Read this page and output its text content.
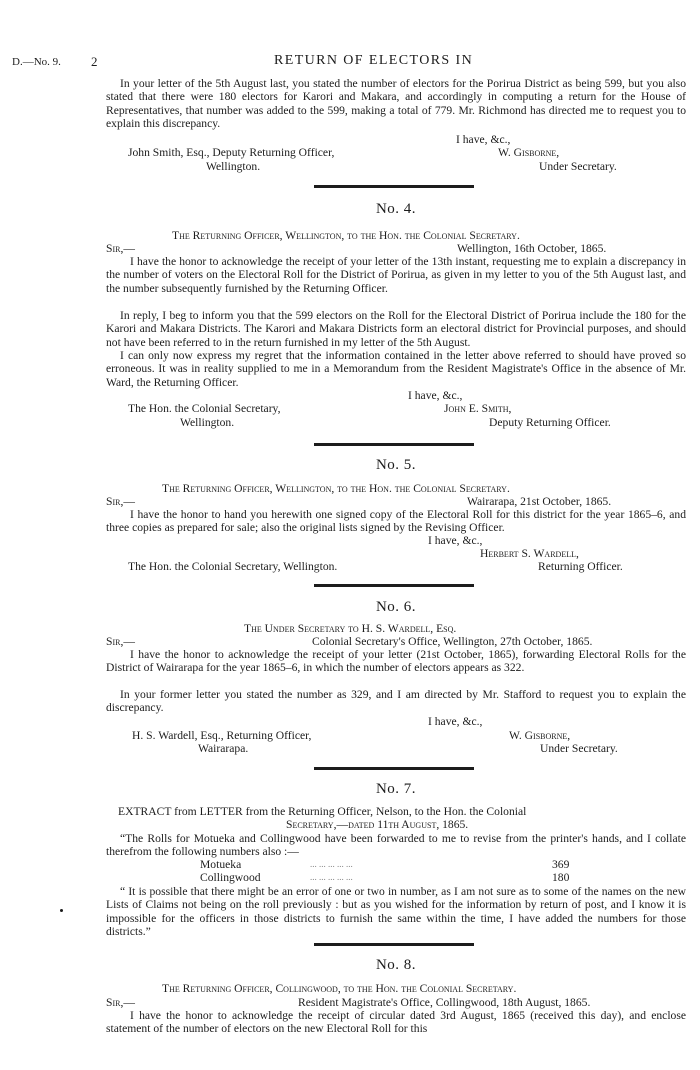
D.—No. 9. 2	RETURN OF ELECTORS IN
In your letter of the 5th August last, you stated the number of electors for the Porirua District as being 599, but you also stated that there were 180 electors for Karori and Makara, and accordingly in computing a return for the House of Representatives, that number was added to the 599, making a total of 779. Mr. Richmond has directed me to request you to explain this discrepancy.
I have, &c.,
John Smith, Esq., Deputy Returning Officer,
Wellington.
W. Gisborne,
Under Secretary.
No. 4.
The Returning Officer, Wellington, to the Hon. the Colonial Secretary.
Sir,—	Wellington, 16th October, 1865.
I have the honor to acknowledge the receipt of your letter of the 13th instant, requesting me to explain a discrepancy in the number of voters on the Electoral Roll for the District of Porirua, as given in my letter to you of the 5th August last, and the number subsequently furnished by the Returning Officer.
In reply, I beg to inform you that the 599 electors on the Roll for the Electoral District of Porirua include the 180 for the Karori and Makara Districts. The Karori and Makara Districts form an electoral district for Provincial purposes, and should not have been referred to in the return furnished in my letter of the 5th August.
I can only now express my regret that the information contained in the letter above referred to should have proved so erroneous. It was in reality supplied to me in a Memorandum from the Resident Magistrate's Office in the absence of Mr. Ward, the Returning Officer.
I have, &c.,
The Hon. the Colonial Secretary,
Wellington.
John E. Smith,
Deputy Returning Officer.
No. 5.
The Returning Officer, Wellington, to the Hon. the Colonial Secretary.
Sir,—	Wairarapa, 21st October, 1865.
I have the honor to hand you herewith one signed copy of the Electoral Roll for this district for the year 1865–6, and three copies as prepared for sale; also the original lists signed by the Revising Officer.
I have, &c.,
Herbert S. Wardell,
The Hon. the Colonial Secretary, Wellington.	Returning Officer.
No. 6.
The Under Secretary to H. S. Wardell, Esq.
Sir,—	Colonial Secretary's Office, Wellington, 27th October, 1865.
I have the honor to acknowledge the receipt of your letter (21st October, 1865), forwarding Electoral Rolls for the District of Wairarapa for the year 1865–6, in which the number of electors appears as 322.
In your former letter you stated the number as 329, and I am directed by Mr. Stafford to request you to explain the discrepancy.
I have, &c.,
H. S. Wardell, Esq., Returning Officer,
Wairarapa.
W. Gisborne,
Under Secretary.
No. 7.
EXTRACT from LETTER from the Returning Officer, Nelson, to the Hon. the Colonial
Secretary,—dated 11th August, 1865.
“The Rolls for Motueka and Collingwood have been forwarded to me to revise from the printer's hands, and I collate therefrom the following numbers also :—
Motueka	... ... ... ... ...	369
Collingwood	... ... ... ... ...	180
“ It is possible that there might be an error of one or two in number, as I am not sure as to some of the names on the new Lists of Claims not being on the roll previously : but as you wished for the information by return of post, and I know it is impossible for the officers in those districts to furnish the same within the time, I have added the numbers for those districts.”
No. 8.
The Returning Officer, Collingwood, to the Hon. the Colonial Secretary.
Sir,—	Resident Magistrate's Office, Collingwood, 18th August, 1865.
I have the honor to acknowledge the receipt of circular dated 3rd August, 1865 (received this day), and enclose statement of the number of electors on the new Electoral Roll for this
